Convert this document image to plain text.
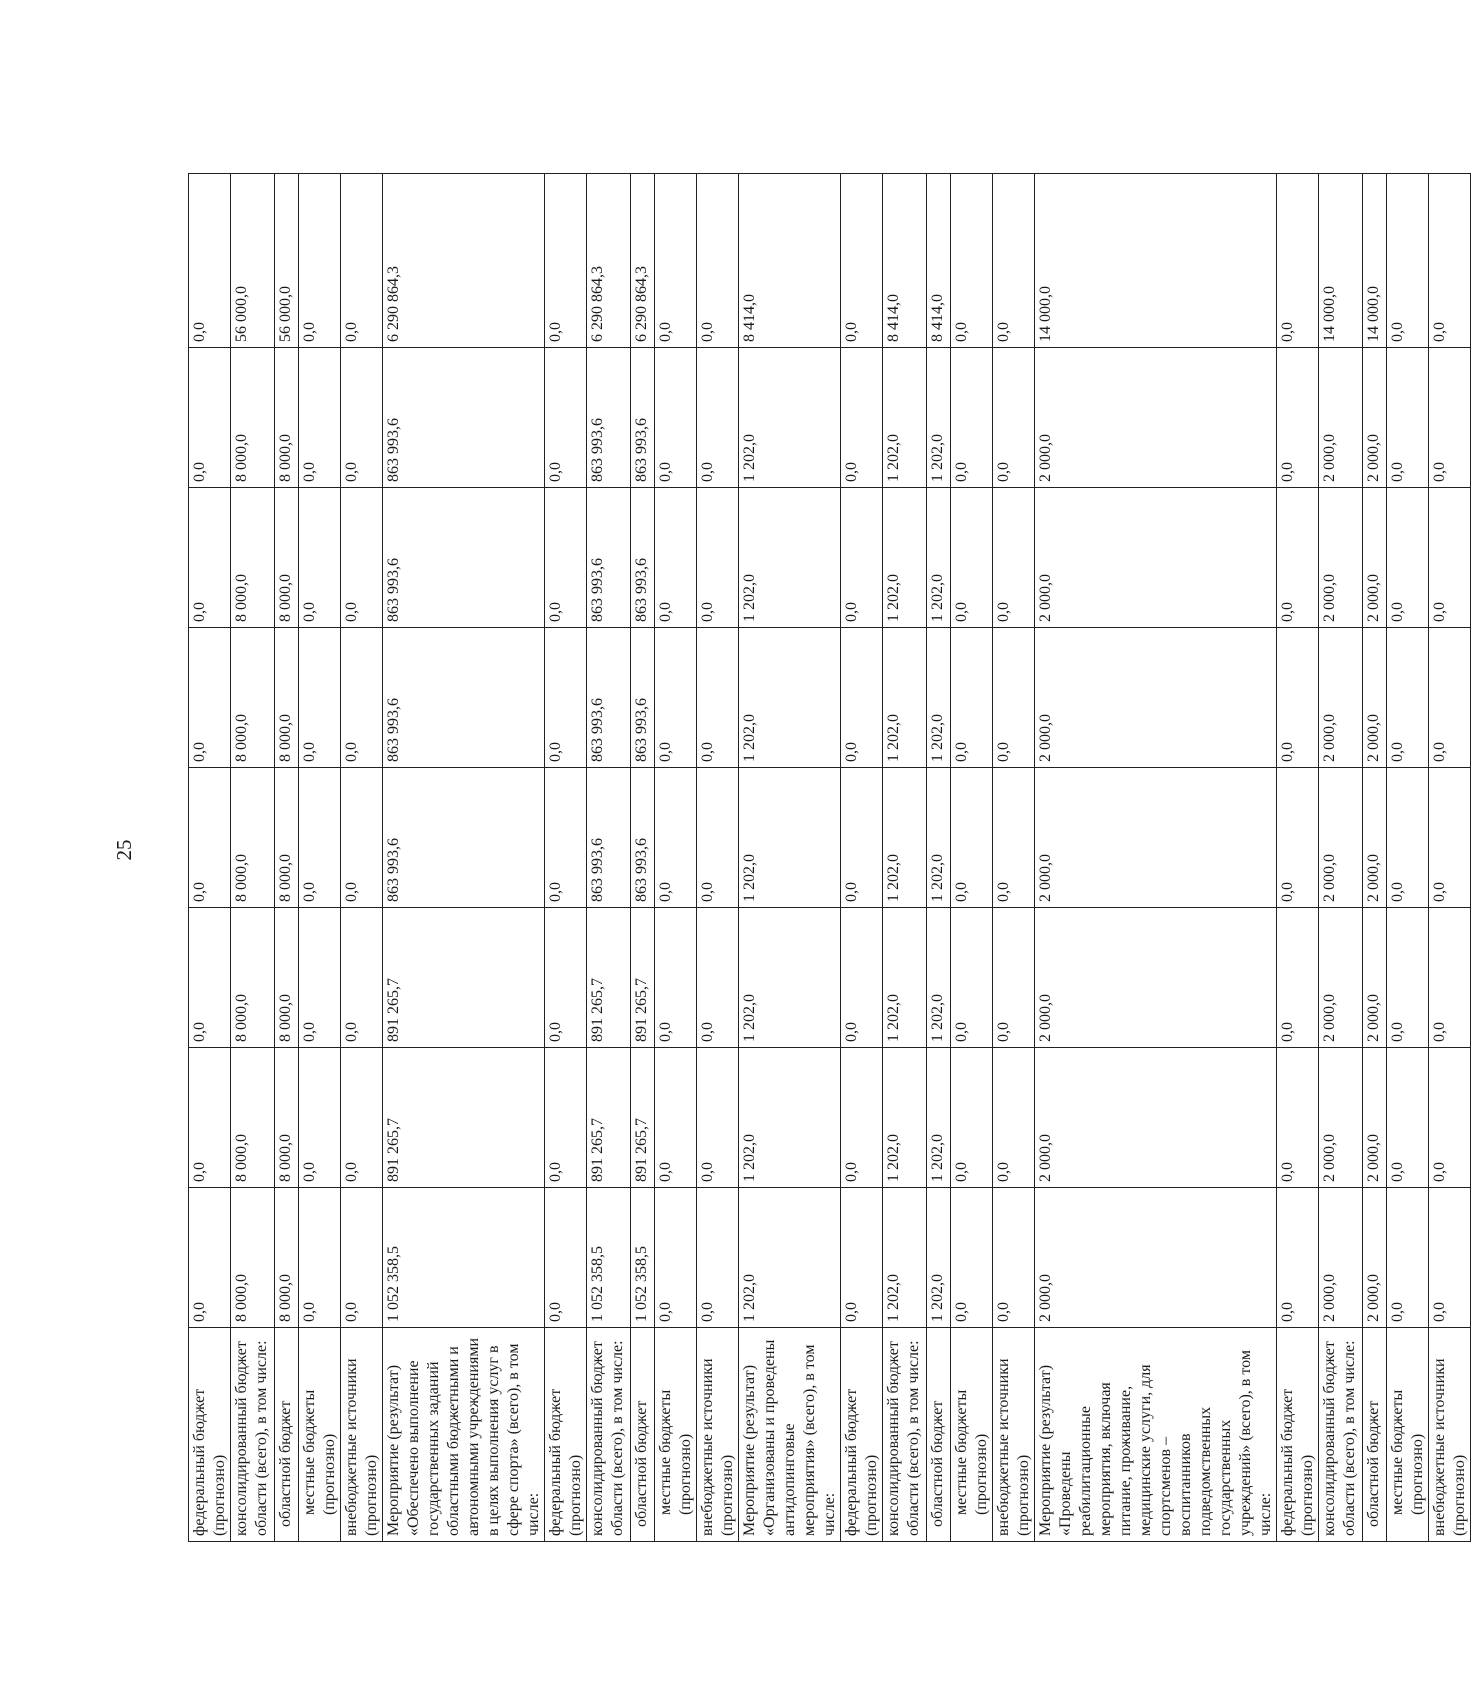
25
федеральный бюджет (прогнозно)	0,0	0,0	0,0	0,0	0,0	0,0	0,0	0,0
консолидированный бюджет области (всего), в том числе:	8 000,0	8 000,0	8 000,0	8 000,0	8 000,0	8 000,0	8 000,0	56 000,0
областной бюджет	8 000,0	8 000,0	8 000,0	8 000,0	8 000,0	8 000,0	8 000,0	56 000,0
местные бюджеты (прогнозно)	0,0	0,0	0,0	0,0	0,0	0,0	0,0	0,0
внебюджетные источники (прогнозно)	0,0	0,0	0,0	0,0	0,0	0,0	0,0	0,0
Мероприятие (результат) «Обеспечено выполнение государственных заданий областными бюджетными и автономными учреждениями в целях выполнения услуг в сфере спорта» (всего), в том числе:	1 052 358,5	891 265,7	891 265,7	863 993,6	863 993,6	863 993,6	863 993,6	6 290 864,3
федеральный бюджет (прогнозно)	0,0	0,0	0,0	0,0	0,0	0,0	0,0	0,0
консолидированный бюджет области (всего), в том числе:	1 052 358,5	891 265,7	891 265,7	863 993,6	863 993,6	863 993,6	863 993,6	6 290 864,3
областной бюджет	1 052 358,5	891 265,7	891 265,7	863 993,6	863 993,6	863 993,6	863 993,6	6 290 864,3
местные бюджеты (прогнозно)	0,0	0,0	0,0	0,0	0,0	0,0	0,0	0,0
внебюджетные источники (прогнозно)	0,0	0,0	0,0	0,0	0,0	0,0	0,0	0,0
Мероприятие (результат) «Организованы и проведены антидопинговые мероприятия» (всего), в том числе:	1 202,0	1 202,0	1 202,0	1 202,0	1 202,0	1 202,0	1 202,0	8 414,0
федеральный бюджет (прогнозно)	0,0	0,0	0,0	0,0	0,0	0,0	0,0	0,0
консолидированный бюджет области (всего), в том числе:	1 202,0	1 202,0	1 202,0	1 202,0	1 202,0	1 202,0	1 202,0	8 414,0
областной бюджет	1 202,0	1 202,0	1 202,0	1 202,0	1 202,0	1 202,0	1 202,0	8 414,0
местные бюджеты (прогнозно)	0,0	0,0	0,0	0,0	0,0	0,0	0,0	0,0
внебюджетные источники (прогнозно)	0,0	0,0	0,0	0,0	0,0	0,0	0,0	0,0
Мероприятие (результат) «Проведены реабилитационные мероприятия, включая питание, проживание, медицинские услуги, для спортсменов – воспитанников подведомственных государственных учреждений» (всего), в том числе:	2 000,0	2 000,0	2 000,0	2 000,0	2 000,0	2 000,0	2 000,0	14 000,0
федеральный бюджет (прогнозно)	0,0	0,0	0,0	0,0	0,0	0,0	0,0	0,0
консолидированный бюджет области (всего), в том числе:	2 000,0	2 000,0	2 000,0	2 000,0	2 000,0	2 000,0	2 000,0	14 000,0
областной бюджет	2 000,0	2 000,0	2 000,0	2 000,0	2 000,0	2 000,0	2 000,0	14 000,0
местные бюджеты (прогнозно)	0,0	0,0	0,0	0,0	0,0	0,0	0,0	0,0
внебюджетные источники (прогнозно)	0,0	0,0	0,0	0,0	0,0	0,0	0,0	0,0
